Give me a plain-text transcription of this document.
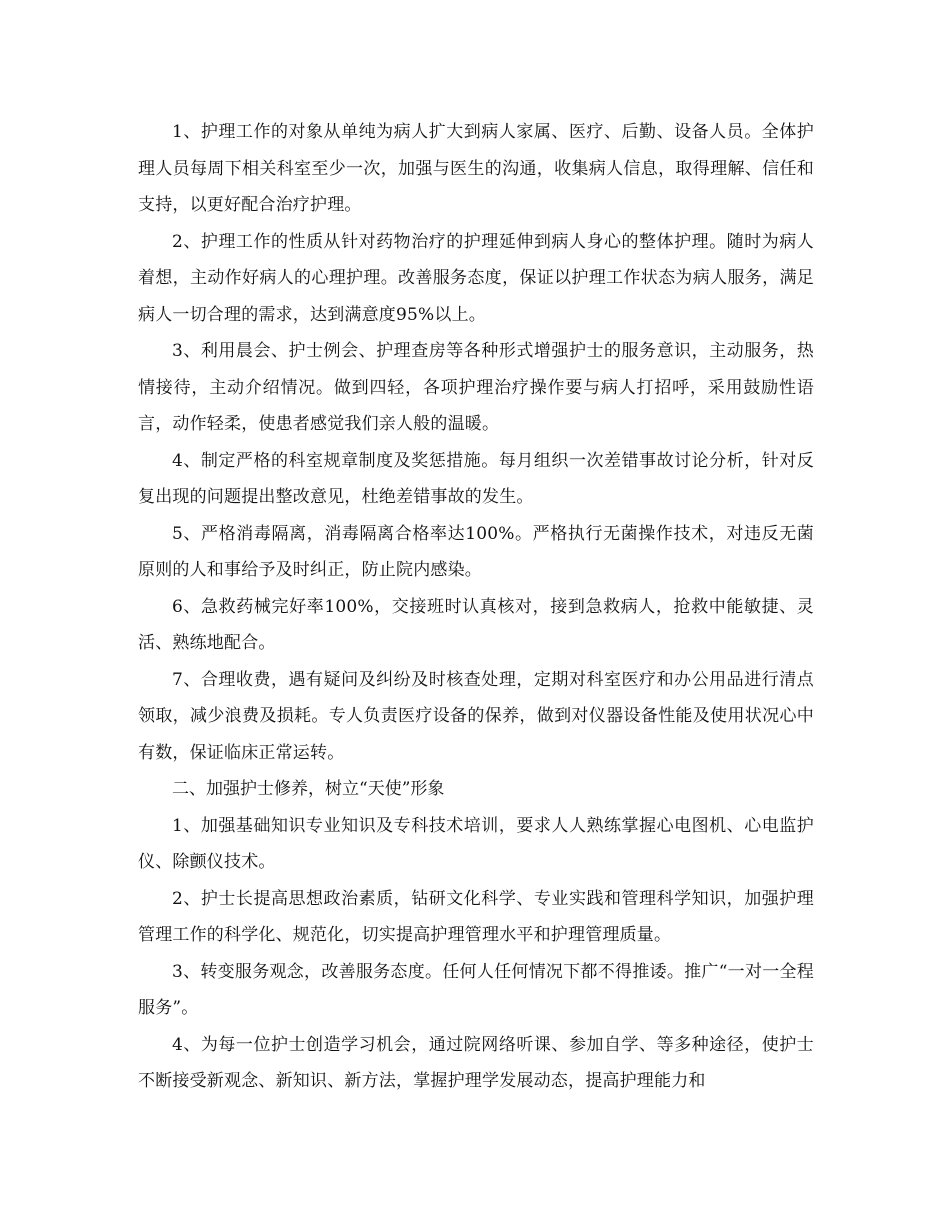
1、护理工作的对象从单纯为病人扩大到病人家属、医疗、后勤、设备人员。全体护理人员每周下相关科室至少一次，加强与医生的沟通，收集病人信息，取得理解、信任和支持，以更好配合治疗护理。

2、护理工作的性质从针对药物治疗的护理延伸到病人身心的整体护理。随时为病人着想，主动作好病人的心理护理。改善服务态度，保证以护理工作状态为病人服务，满足病人一切合理的需求，达到满意度95%以上。

3、利用晨会、护士例会、护理查房等各种形式增强护士的服务意识，主动服务，热情接待，主动介绍情况。做到四轻，各项护理治疗操作要与病人打招呼，采用鼓励性语言，动作轻柔，使患者感觉我们亲人般的温暖。

4、制定严格的科室规章制度及奖惩措施。每月组织一次差错事故讨论分析，针对反复出现的问题提出整改意见，杜绝差错事故的发生。

5、严格消毒隔离，消毒隔离合格率达100%。严格执行无菌操作技术，对违反无菌原则的人和事给予及时纠正，防止院内感染。

6、急救药械完好率100%，交接班时认真核对，接到急救病人，抢救中能敏捷、灵活、熟练地配合。

7、合理收费，遇有疑问及纠纷及时核查处理，定期对科室医疗和办公用品进行清点领取，减少浪费及损耗。专人负责医疗设备的保养，做到对仪器设备性能及使用状况心中有数，保证临床正常运转。

二、加强护士修养，树立“天使”形象

1、加强基础知识专业知识及专科技术培训，要求人人熟练掌握心电图机、心电监护仪、除颤仪技术。

2、护士长提高思想政治素质，钻研文化科学、专业实践和管理科学知识，加强护理管理工作的科学化、规范化，切实提高护理管理水平和护理管理质量。

3、转变服务观念，改善服务态度。任何人任何情况下都不得推诿。推广“一对一全程服务”。

4、为每一位护士创造学习机会，通过院网络听课、参加自学、等多种途径，使护士不断接受新观念、新知识、新方法，掌握护理学发展动态，提高护理能力和
